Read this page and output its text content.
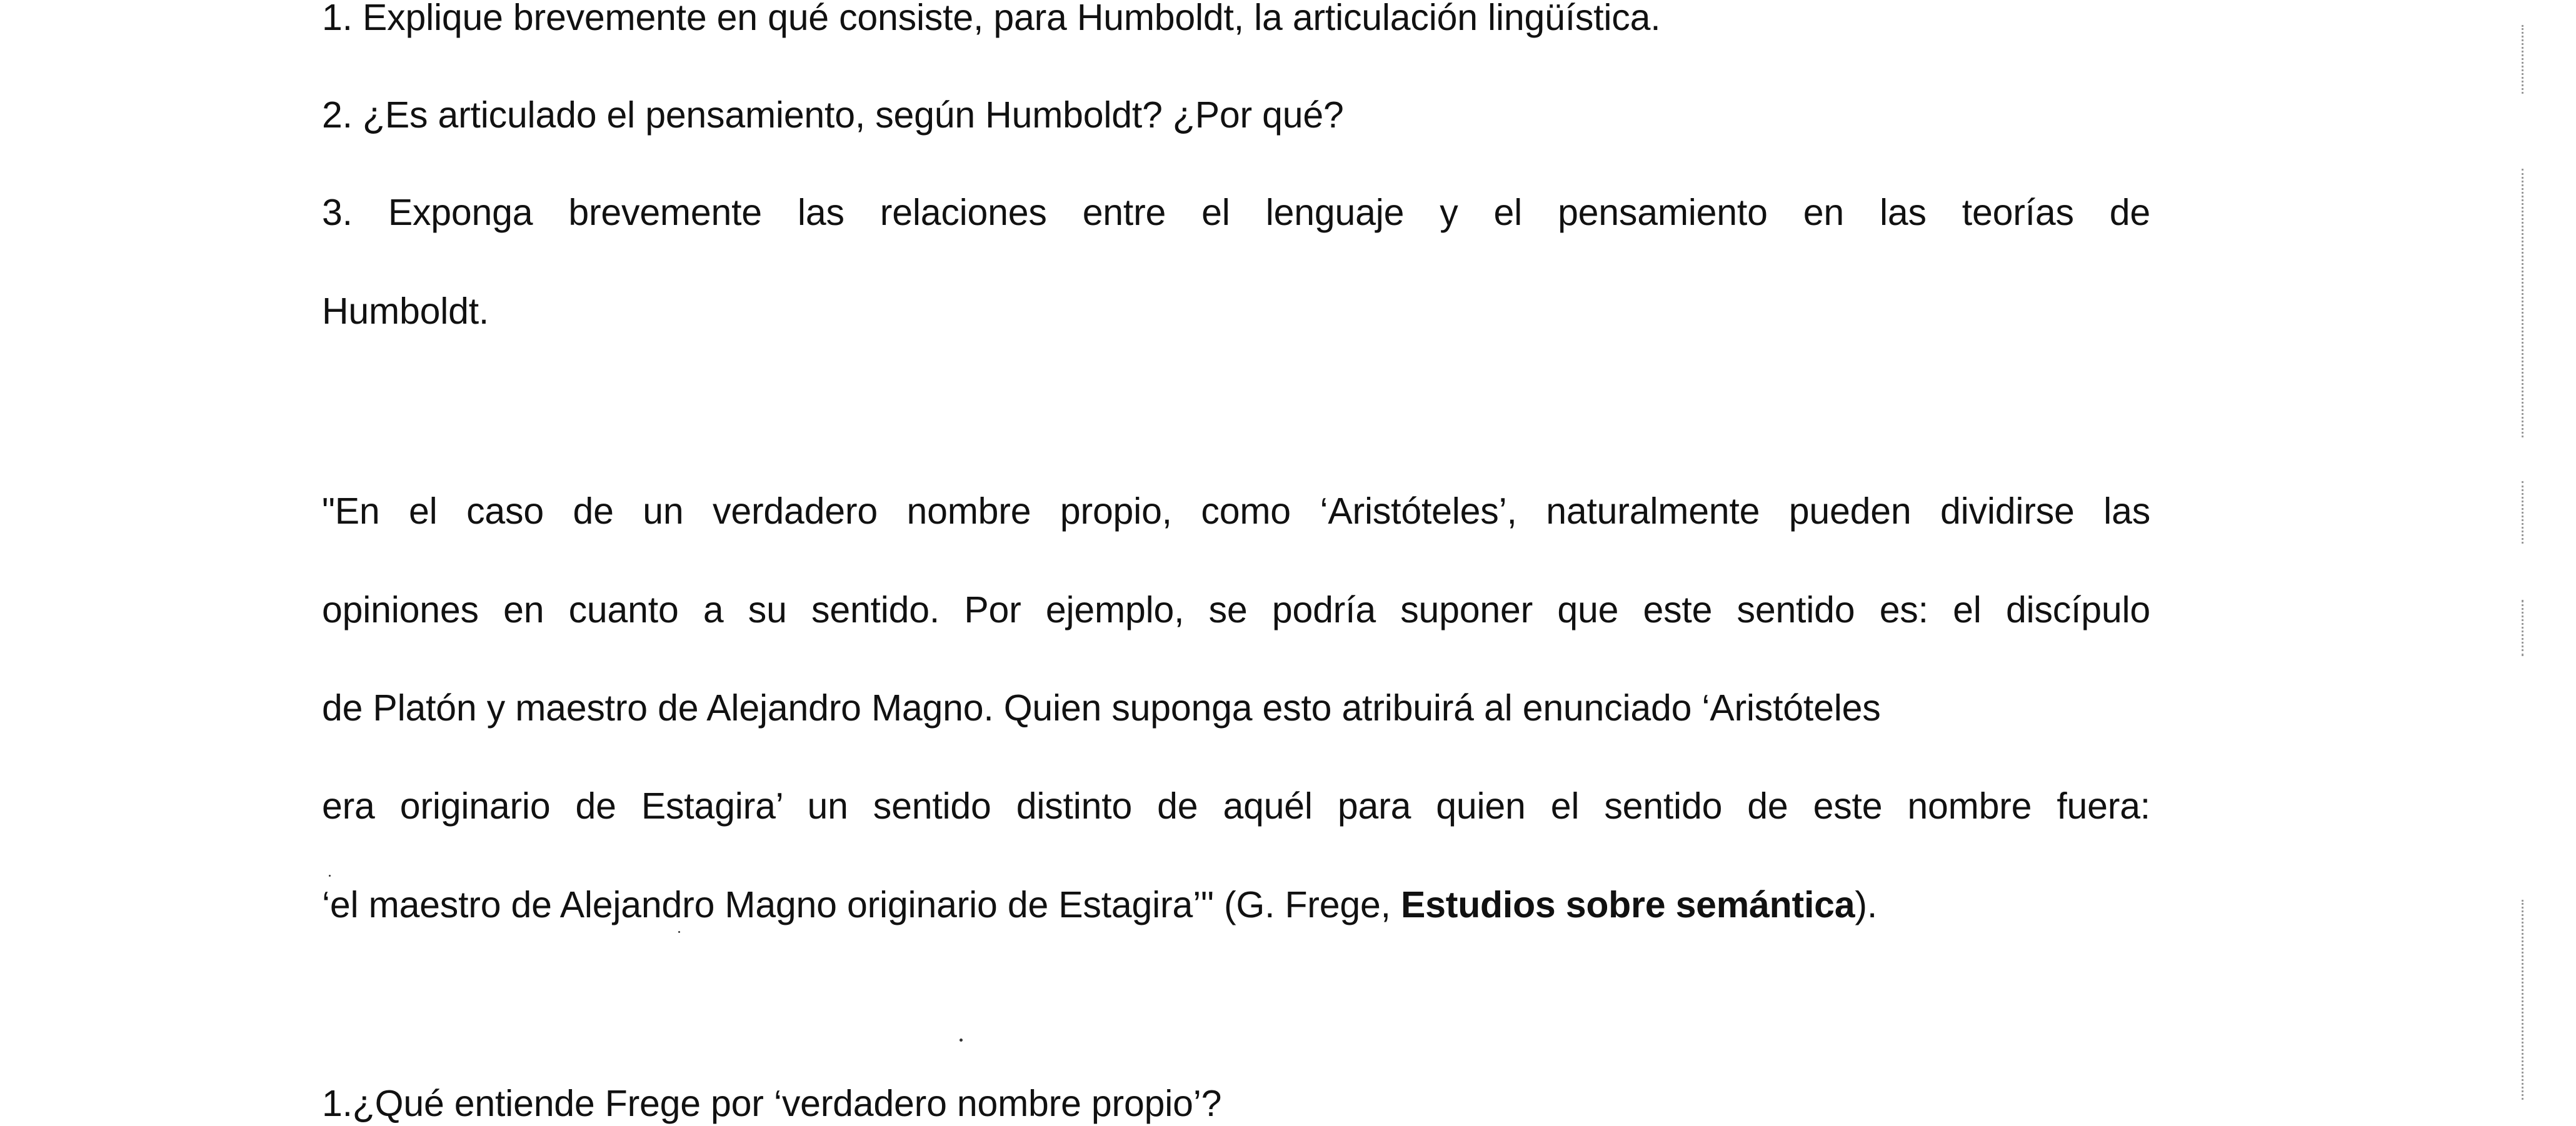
1. Explique brevemente en qué consiste, para Humboldt, la articulación lingüística.
2. ¿Es articulado el pensamiento, según Humboldt? ¿Por qué?
3. Exponga brevemente las relaciones entre el lenguaje y el pensamiento en las teorías de
Humboldt.
"En el caso de un verdadero nombre propio, como ‘Aristóteles’, naturalmente pueden dividirse las
opiniones en cuanto a su sentido. Por ejemplo, se podría suponer que este sentido es: el discípulo
de Platón y maestro de Alejandro Magno. Quien suponga esto atribuirá al enunciado ‘Aristóteles
era originario de Estagira’ un sentido distinto de aquél para quien el sentido de este nombre fuera:
‘el maestro de Alejandro Magno originario de Estagira’" (G. Frege, Estudios sobre semántica).
1.¿Qué entiende Frege por ‘verdadero nombre propio’?
